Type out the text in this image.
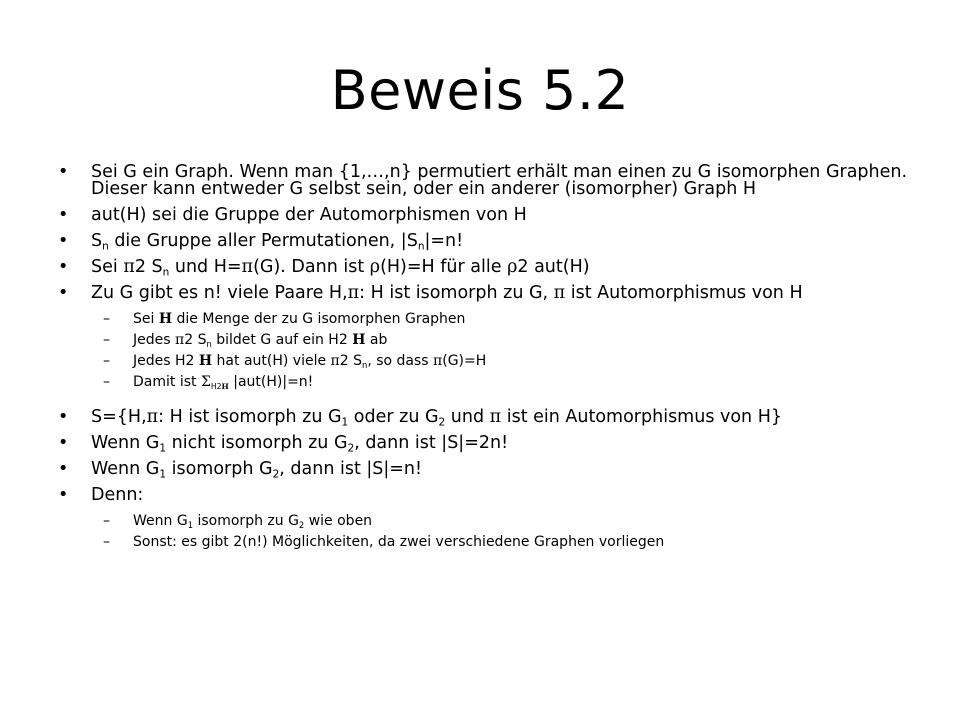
Beweis 5.2
• Sei G ein Graph. Wenn man {1,…,n} permutiert erhält man einen zu G isomorphen Graphen. Dieser kann entweder G selbst sein, oder ein anderer (isomorpher) Graph H
• aut(H) sei die Gruppe der Automorphismen von H
• $S_n$ die Gruppe aller Permutationen, $|S_n|=n$!
• Sei π2 $S_n$ und H=π(G). Dann ist ρ(H)=H für alle ρ2 aut(H)
• Zu G gibt es n! viele Paare H,π: H ist isomorph zu G, π ist Automorphismus von H
– Sei H die Menge der zu G isomorphen Graphen
– Jedes π2 $S_n$ bildet G auf ein H2 H ab
– Jedes H2 H hat aut(H) viele π2 $S_n$, so dass π(G)=H
– Damit ist $\Sigma_{H2H}$ |aut(H)|=n!
• S={H,π: H ist isomorph zu $G_1$ oder zu $G_2$ und π ist ein Automorphismus von H}
• Wenn $G_1$ nicht isomorph zu $G_2$, dann ist |S|=2n!
• Wenn $G_1$ isomorph $G_2$, dann ist |S|=n!
• Denn:
– Wenn $G_1$ isomorph zu $G_2$ wie oben
– Sonst: es gibt 2(n!) Möglichkeiten, da zwei verschiedene Graphen vorliegen
